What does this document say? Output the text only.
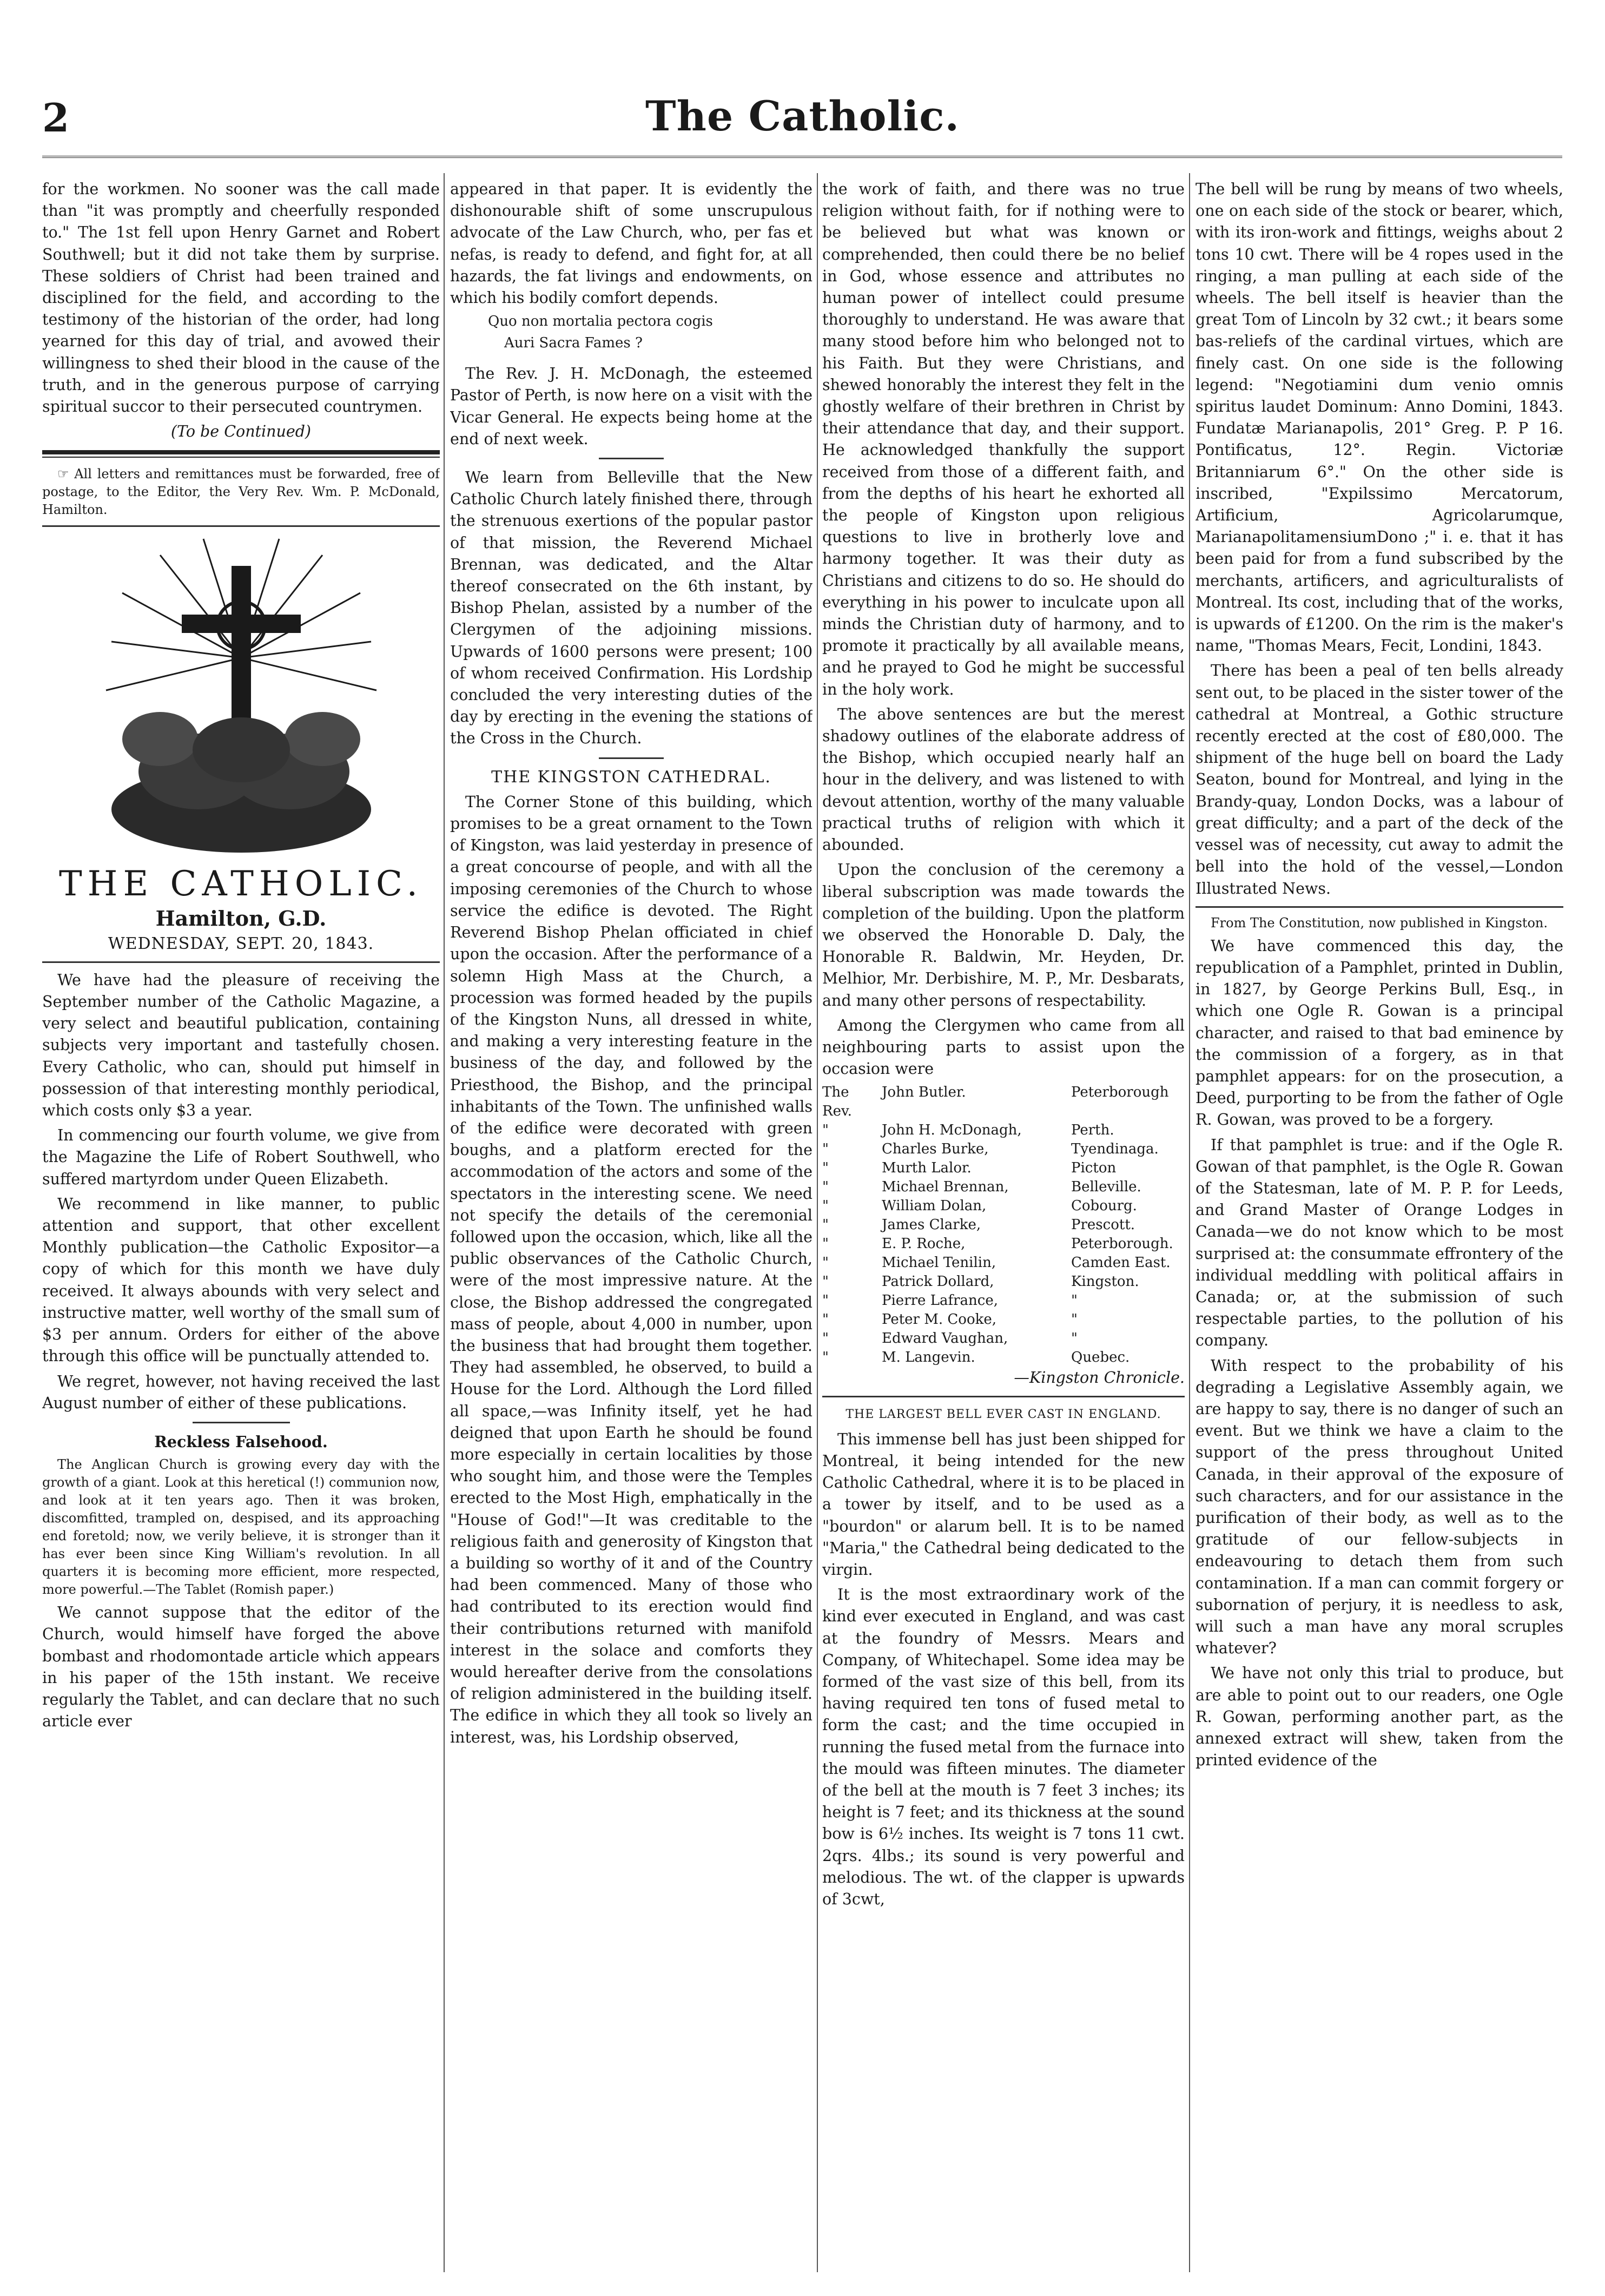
2	The Catholic.

for the workmen. No sooner was the call made than "it was promptly and cheerfully responded to." The 1st fell upon Henry Garnet and Robert Southwell; but it did not take them by surprise. These soldiers of Christ had been trained and disciplined for the field, and according to the testimony of the historian of the order, had long yearned for this day of trial, and avowed their willingness to shed their blood in the cause of the truth, and in the generous purpose of carrying spiritual succor to their persecuted countrymen.

(To be Continued)

☞ All letters and remittances must be forwarded, free of postage, to the Editor, the Very Rev. Wm. P. McDonald, Hamilton.

THE CATHOLIC.

Hamilton, G.D.

WEDNESDAY, SEPT. 20, 1843.

We have had the pleasure of receiving the September number of the Catholic Magazine, a very select and beautiful publication, containing subjects very important and tastefully chosen. Every Catholic, who can, should put himself in possession of that interesting monthly periodical, which costs only $3 a year.

In commencing our fourth volume, we give from the Magazine the Life of Robert Southwell, who suffered martyrdom under Queen Elizabeth.

We recommend in like manner, to public attention and support, that other excellent Monthly publication—the Catholic Expositor—a copy of which for this month we have duly received. It always abounds with very select and instructive matter, well worthy of the small sum of $3 per annum. Orders for either of the above through this office will be punctually attended to.

We regret, however, not having received the last August number of either of these publications.

Reckless Falsehood.

The Anglican Church is growing every day with the growth of a giant. Look at this heretical (!) communion now, and look at it ten years ago. Then it was broken, discomfitted, trampled on, despised, and its approaching end foretold; now, we verily believe, it is stronger than it has ever been since King William's revolution. In all quarters it is becoming more efficient, more respected, more powerful.—The Tablet (Romish paper.)

We cannot suppose that the editor of the Church, would himself have forged the above bombast and rhodomontade article which appears in his paper of the 15th instant. We receive regularly the Tablet, and can declare that no such article ever

appeared in that paper. It is evidently the dishonourable shift of some unscrupulous advocate of the Law Church, who, per fas et nefas, is ready to defend, and fight for, at all hazards, the fat livings and endowments, on which his bodily comfort depends.

Quo non mortalia pectora cogis

Auri Sacra Fames ?

The Rev. J. H. McDonagh, the esteemed Pastor of Perth, is now here on a visit with the Vicar General. He expects being home at the end of next week.

We learn from Belleville that the New Catholic Church lately finished there, through the strenuous exertions of the popular pastor of that mission, the Reverend Michael Brennan, was dedicated, and the Altar thereof consecrated on the 6th instant, by Bishop Phelan, assisted by a number of the Clergymen of the adjoining missions. Upwards of 1600 persons were present; 100 of whom received Confirmation. His Lordship concluded the very interesting duties of the day by erecting in the evening the stations of the Cross in the Church.

THE KINGSTON CATHEDRAL.

The Corner Stone of this building, which promises to be a great ornament to the Town of Kingston, was laid yesterday in presence of a great concourse of people, and with all the imposing ceremonies of the Church to whose service the edifice is devoted. The Right Reverend Bishop Phelan officiated in chief upon the occasion. After the performance of a solemn High Mass at the Church, a procession was formed headed by the pupils of the Kingston Nuns, all dressed in white, and making a very interesting feature in the business of the day, and followed by the Priesthood, the Bishop, and the principal inhabitants of the Town. The unfinished walls of the edifice were decorated with green boughs, and a platform erected for the accommodation of the actors and some of the spectators in the interesting scene. We need not specify the details of the ceremonial followed upon the occasion, which, like all the public observances of the Catholic Church, were of the most impressive nature. At the close, the Bishop addressed the congregated mass of people, about 4,000 in number, upon the business that had brought them together. They had assembled, he observed, to build a House for the Lord. Although the Lord filled all space,—was Infinity itself, yet he had deigned that upon Earth he should be found more especially in certain localities by those who sought him, and those were the Temples erected to the Most High, emphatically in the "House of God!"—It was creditable to the religious faith and generosity of Kingston that a building so worthy of it and of the Country had been commenced. Many of those who had contributed to its erection would find their contributions returned with manifold interest in the solace and comforts they would hereafter derive from the consolations of religion administered in the building itself. The edifice in which they all took so lively an interest, was, his Lordship observed,

the work of faith, and there was no true religion without faith, for if nothing were to be believed but what was known or comprehended, then could there be no belief in God, whose essence and attributes no human power of intellect could presume thoroughly to understand. He was aware that many stood before him who belonged not to his Faith. But they were Christians, and shewed honorably the interest they felt in the ghostly welfare of their brethren in Christ by their attendance that day, and their support. He acknowledged thankfully the support received from those of a different faith, and from the depths of his heart he exhorted all the people of Kingston upon religious questions to live in brotherly love and harmony together. It was their duty as Christians and citizens to do so. He should do everything in his power to inculcate upon all minds the Christian duty of harmony, and to promote it practically by all available means, and he prayed to God he might be successful in the holy work.

The above sentences are but the merest shadowy outlines of the elaborate address of the Bishop, which occupied nearly half an hour in the delivery, and was listened to with devout attention, worthy of the many valuable practical truths of religion with which it abounded.

Upon the conclusion of the ceremony a liberal subscription was made towards the completion of the building. Upon the platform we observed the Honorable D. Daly, the Honorable R. Baldwin, Mr. Heyden, Dr. Melhior, Mr. Derbishire, M. P., Mr. Desbarats, and many other persons of respectability.

Among the Clergymen who came from all neighbouring parts to assist upon the occasion were

The Rev.	John Butler.	Peterborough
"	John H. McDonagh,	Perth.
"	Charles Burke,	Tyendinaga.
"	Murth Lalor.	Picton
"	Michael Brennan,	Belleville.
"	William Dolan,	Cobourg.
"	James Clarke,	Prescott.
"	E. P. Roche,	Peterborough.
"	Michael Tenilin,	Camden East.
"	Patrick Dollard,	Kingston.
"	Pierre Lafrance,	"
"	Peter M. Cooke,	"
"	Edward Vaughan,	"
"	M. Langevin.	Quebec.

—Kingston Chronicle.

THE LARGEST BELL EVER CAST IN ENGLAND.

This immense bell has just been shipped for Montreal, it being intended for the new Catholic Cathedral, where it is to be placed in a tower by itself, and to be used as a "bourdon" or alarum bell. It is to be named "Maria," the Cathedral being dedicated to the virgin.

It is the most extraordinary work of the kind ever executed in England, and was cast at the foundry of Messrs. Mears and Company, of Whitechapel. Some idea may be formed of the vast size of this bell, from its having required ten tons of fused metal to form the cast; and the time occupied in running the fused metal from the furnace into the mould was fifteen minutes. The diameter of the bell at the mouth is 7 feet 3 inches; its height is 7 feet; and its thickness at the sound bow is 6½ inches. Its weight is 7 tons 11 cwt. 2qrs. 4lbs.; its sound is very powerful and melodious. The wt. of the clapper is upwards of 3cwt,

The bell will be rung by means of two wheels, one on each side of the stock or bearer, which, with its iron-work and fittings, weighs about 2 tons 10 cwt. There will be 4 ropes used in the ringing, a man pulling at each side of the wheels. The bell itself is heavier than the great Tom of Lincoln by 32 cwt.; it bears some bas-reliefs of the cardinal virtues, which are finely cast. On one side is the following legend: "Negotiamini dum venio omnis spiritus laudet Dominum: Anno Domini, 1843. Fundatæ Marianapolis, 201° Greg. P. P 16. Pontificatus, 12°. Regin. Victoriæ Britanniarum 6°." On the other side is inscribed, "Expilssimo Mercatorum, Artificium, Agricolarumque, MarianapolitamensiumDono ;" i. e. that it has been paid for from a fund subscribed by the merchants, artificers, and agriculturalists of Montreal. Its cost, including that of the works, is upwards of £1200. On the rim is the maker's name, "Thomas Mears, Fecit, Londini, 1843.

There has been a peal of ten bells already sent out, to be placed in the sister tower of the cathedral at Montreal, a Gothic structure recently erected at the cost of £80,000. The shipment of the huge bell on board the Lady Seaton, bound for Montreal, and lying in the Brandy-quay, London Docks, was a labour of great difficulty; and a part of the deck of the vessel was of necessity, cut away to admit the bell into the hold of the vessel,—London Illustrated News.

From The Constitution, now published in Kingston.

We have commenced this day, the republication of a Pamphlet, printed in Dublin, in 1827, by George Perkins Bull, Esq., in which one Ogle R. Gowan is a principal character, and raised to that bad eminence by the commission of a forgery, as in that pamphlet appears: for on the prosecution, a Deed, purporting to be from the father of Ogle R. Gowan, was proved to be a forgery.

If that pamphlet is true: and if the Ogle R. Gowan of that pamphlet, is the Ogle R. Gowan of the Statesman, late of M. P. P. for Leeds, and Grand Master of Orange Lodges in Canada—we do not know which to be most surprised at: the consummate effrontery of the individual meddling with political affairs in Canada; or, at the submission of such respectable parties, to the pollution of his company.

With respect to the probability of his degrading a Legislative Assembly again, we are happy to say, there is no danger of such an event. But we think we have a claim to the support of the press throughout United Canada, in their approval of the exposure of such characters, and for our assistance in the purification of their body, as well as to the gratitude of our fellow-subjects in endeavouring to detach them from such contamination. If a man can commit forgery or subornation of perjury, it is needless to ask, will such a man have any moral scruples whatever?

We have not only this trial to produce, but are able to point out to our readers, one Ogle R. Gowan, performing another part, as the annexed extract will shew, taken from the printed evidence of the
